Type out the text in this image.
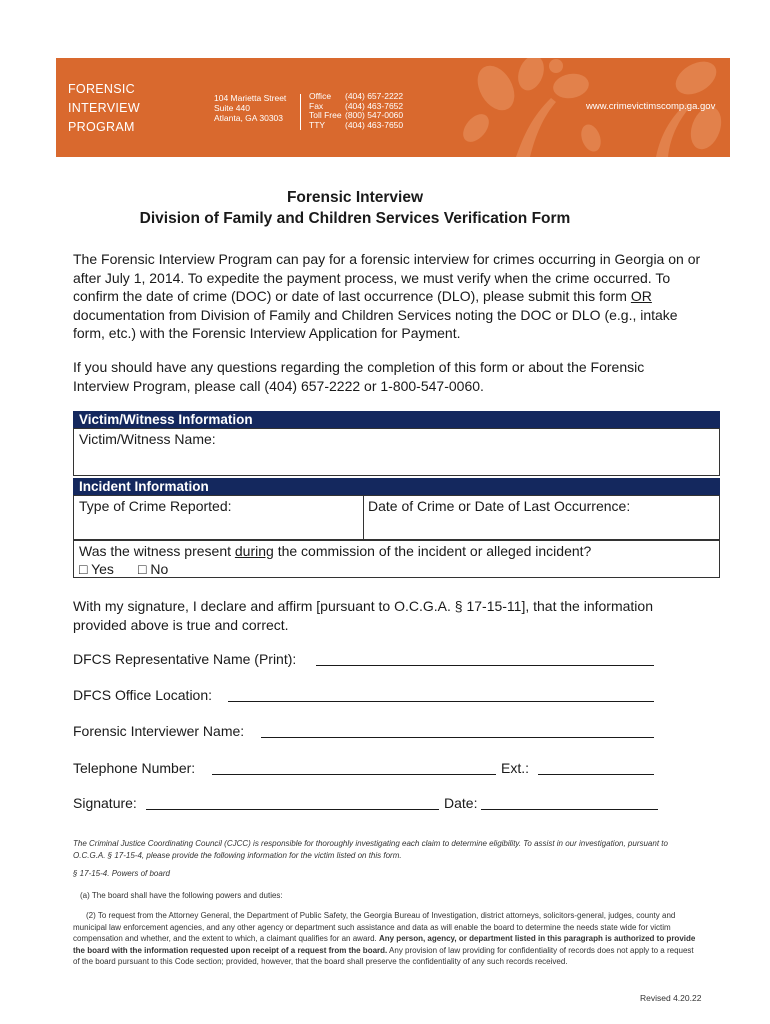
FORENSIC
INTERVIEW
PROGRAM
104 Marietta Street
Suite 440
Atlanta, GA 30303
Office	(404) 657-2222
Fax	(404) 463-7652
Toll Free (800) 547-0060
TTY	(404) 463-7650
www.crimevictimscomp.ga.gov
Forensic Interview
Division of Family and Children Services Verification Form

The Forensic Interview Program can pay for a forensic interview for crimes occurring in Georgia on or after July 1, 2014. To expedite the payment process, we must verify when the crime occurred. To confirm the date of crime (DOC) or date of last occurrence (DLO), please submit this form OR documentation from Division of Family and Children Services noting the DOC or DLO (e.g., intake form, etc.) with the Forensic Interview Application for Payment.

If you should have any questions regarding the completion of this form or about the Forensic Interview Program, please call (404) 657-2222 or 1-800-547-0060.

Victim/Witness Information
Victim/Witness Name:
Incident Information
Type of Crime Reported:	Date of Crime or Date of Last Occurrence:
Was the witness present during the commission of the incident or alleged incident?
□ Yes □ No

With my signature, I declare and affirm [pursuant to O.C.G.A. § 17-15-11], that the information provided above is true and correct.

DFCS Representative Name (Print):
DFCS Office Location:
Forensic Interviewer Name:
Telephone Number:	Ext.:
Signature:	Date:

The Criminal Justice Coordinating Council (CJCC) is responsible for thoroughly investigating each claim to determine eligibility. To assist in our investigation, pursuant to O.C.G.A. § 17-15-4, please provide the following information for the victim listed on this form.

§ 17-15-4. Powers of board

(a) The board shall have the following powers and duties:

(2) To request from the Attorney General, the Department of Public Safety, the Georgia Bureau of Investigation, district attorneys, solicitors-general, judges, county and municipal law enforcement agencies, and any other agency or department such assistance and data as will enable the board to determine the needs state wide for victim compensation and whether, and the extent to which, a claimant qualifies for an award. Any person, agency, or department listed in this paragraph is authorized to provide the board with the information requested upon receipt of a request from the board. Any provision of law providing for confidentiality of records does not apply to a request of the board pursuant to this Code section; provided, however, that the board shall preserve the confidentiality of any such records received.

Revised 4.20.22
